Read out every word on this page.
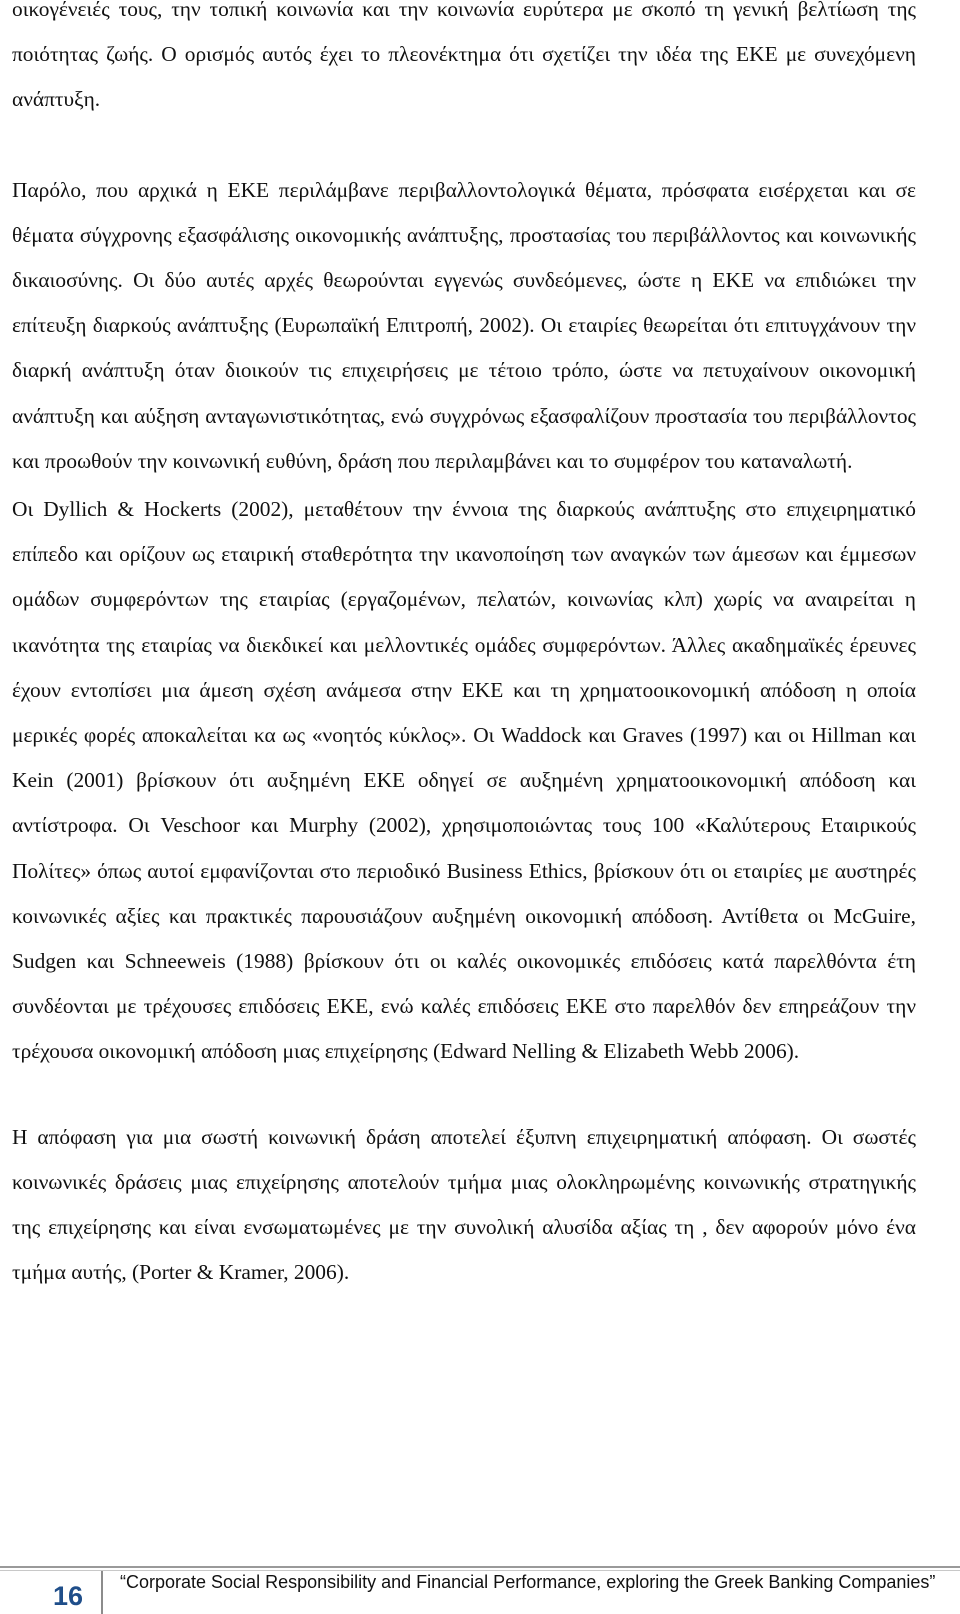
οικογένειές τους, την τοπική κοινωνία και την κοινωνία ευρύτερα με σκοπό τη γενική βελτίωση της ποιότητας ζωής. Ο ορισμός αυτός έχει το πλεονέκτημα ότι σχετίζει την ιδέα της ΕΚΕ με συνεχόμενη ανάπτυξη.

Παρόλο, που αρχικά η ΕΚΕ περιλάμβανε περιβαλλοντολογικά θέματα, πρόσφατα εισέρχεται και σε θέματα σύγχρονης εξασφάλισης οικονομικής ανάπτυξης, προστασίας του περιβάλλοντος και κοινωνικής δικαιοσύνης. Οι δύο αυτές αρχές θεωρούνται εγγενώς συνδεόμενες, ώστε η ΕΚΕ να επιδιώκει την επίτευξη διαρκούς ανάπτυξης (Ευρωπαϊκή Επιτροπή, 2002). Οι εταιρίες θεωρείται ότι επιτυγχάνουν την διαρκή ανάπτυξη όταν διοικούν τις επιχειρήσεις με τέτοιο τρόπο, ώστε να πετυχαίνουν οικονομική ανάπτυξη και αύξηση ανταγωνιστικότητας, ενώ συγχρόνως εξασφαλίζουν προστασία του περιβάλλοντος και προωθούν την κοινωνική ευθύνη, δράση που περιλαμβάνει και το συμφέρον του καταναλωτή.

Οι Dyllich & Hockerts (2002), μεταθέτουν την έννοια της διαρκούς ανάπτυξης στο επιχειρηματικό επίπεδο και ορίζουν ως εταιρική σταθερότητα την ικανοποίηση των αναγκών των άμεσων και έμμεσων ομάδων συμφερόντων της εταιρίας (εργαζομένων, πελατών, κοινωνίας κλπ) χωρίς να αναιρείται η ικανότητα της εταιρίας να διεκδικεί και μελλοντικές ομάδες συμφερόντων. Άλλες ακαδημαϊκές έρευνες έχουν εντοπίσει μια άμεση σχέση ανάμεσα στην ΕΚΕ και τη χρηματοοικονομική απόδοση η οποία μερικές φορές αποκαλείται κα ως «νοητός κύκλος». Οι Waddock και Graves (1997) και οι Hillman και Kein (2001) βρίσκουν ότι αυξημένη ΕΚΕ οδηγεί σε αυξημένη χρηματοοικονομική απόδοση και αντίστροφα. Οι Veschoor και Murphy (2002), χρησιμοποιώντας τους 100 «Καλύτερους Εταιρικούς Πολίτες» όπως αυτοί εμφανίζονται στο περιοδικό Business Ethics, βρίσκουν ότι οι εταιρίες με αυστηρές κοινωνικές αξίες και πρακτικές παρουσιάζουν αυξημένη οικονομική απόδοση. Αντίθετα οι McGuire, Sudgen και Schneeweis (1988) βρίσκουν ότι οι καλές οικονομικές επιδόσεις κατά παρελθόντα έτη συνδέονται με τρέχουσες επιδόσεις ΕΚΕ, ενώ καλές επιδόσεις ΕΚΕ στο παρελθόν δεν επηρεάζουν την τρέχουσα οικονομική απόδοση μιας επιχείρησης (Edward Nelling & Elizabeth Webb 2006).

Η απόφαση για μια σωστή κοινωνική δράση αποτελεί έξυπνη επιχειρηματική απόφαση. Οι σωστές κοινωνικές δράσεις μιας επιχείρησης αποτελούν τμήμα μιας ολοκληρωμένης κοινωνικής στρατηγικής της επιχείρησης και είναι ενσωματωμένες με την συνολική αλυσίδα αξίας τη , δεν αφορούν μόνο ένα τμήμα αυτής, (Porter & Kramer, 2006).

16	“Corporate Social Responsibility and Financial Performance, exploring the Greek Banking Companies”
